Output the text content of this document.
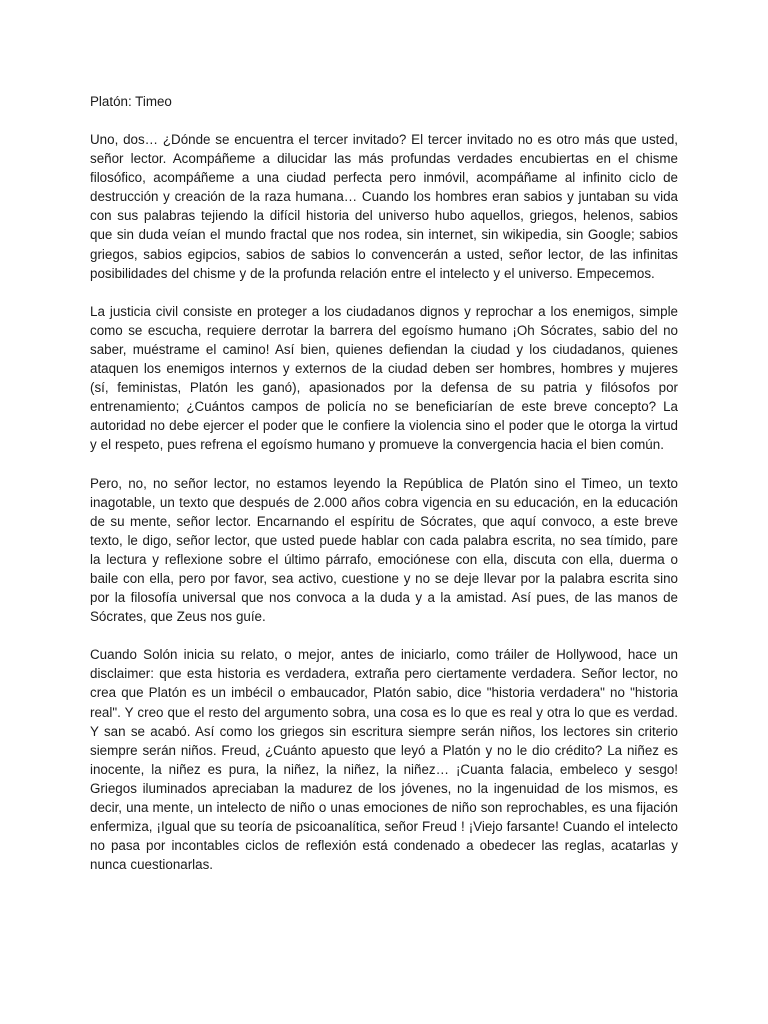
Platón: Timeo

Uno, dos… ¿Dónde se encuentra el tercer invitado? El tercer invitado no es otro más que usted, señor lector. Acompáñeme a dilucidar las más profundas verdades encubiertas en el chisme filosófico, acompáñeme a una ciudad perfecta pero inmóvil, acompáñame al infinito ciclo de destrucción y creación de la raza humana… Cuando los hombres eran sabios y juntaban su vida con sus palabras tejiendo la difícil historia del universo hubo aquellos, griegos, helenos, sabios que sin duda veían el mundo fractal que nos rodea, sin internet, sin wikipedia, sin Google; sabios griegos, sabios egipcios, sabios de sabios lo convencerán a usted, señor lector, de las infinitas posibilidades del chisme y de la profunda relación entre el intelecto y el universo. Empecemos.

La justicia civil consiste en proteger a los ciudadanos dignos y reprochar a los enemigos, simple como se escucha, requiere derrotar la barrera del egoísmo humano ¡Oh Sócrates, sabio del no saber, muéstrame el camino! Así bien, quienes defiendan la ciudad y los ciudadanos, quienes ataquen los enemigos internos y externos de la ciudad deben ser hombres, hombres y mujeres (sí, feministas, Platón les ganó), apasionados por la defensa de su patria y filósofos por entrenamiento; ¿Cuántos campos de policía no se beneficiarían de este breve concepto? La autoridad no debe ejercer el poder que le confiere la violencia sino el poder que le otorga la virtud y el respeto, pues refrena el egoísmo humano y promueve la convergencia hacia el bien común.

Pero, no, no señor lector, no estamos leyendo la República de Platón sino el Timeo, un texto inagotable, un texto que después de 2.000 años cobra vigencia en su educación, en la educación de su mente, señor lector. Encarnando el espíritu de Sócrates, que aquí convoco, a este breve texto, le digo, señor lector, que usted puede hablar con cada palabra escrita, no sea tímido, pare la lectura y reflexione sobre el último párrafo, emociónese con ella, discuta con ella, duerma o baile con ella, pero por favor, sea activo, cuestione y no se deje llevar por la palabra escrita sino por la filosofía universal que nos convoca a la duda y a la amistad. Así pues, de las manos de Sócrates, que Zeus nos guíe.

Cuando Solón inicia su relato, o mejor, antes de iniciarlo, como tráiler de Hollywood, hace un disclaimer: que esta historia es verdadera, extraña pero ciertamente verdadera. Señor lector, no crea que Platón es un imbécil o embaucador, Platón sabio, dice "historia verdadera" no "historia real". Y creo que el resto del argumento sobra, una cosa es lo que es real y otra lo que es verdad. Y san se acabó. Así como los griegos sin escritura siempre serán niños, los lectores sin criterio siempre serán niños. Freud, ¿Cuánto apuesto que leyó a Platón y no le dio crédito? La niñez es inocente, la niñez es pura, la niñez, la niñez, la niñez… ¡Cuanta falacia, embeleco y sesgo! Griegos iluminados apreciaban la madurez de los jóvenes, no la ingenuidad de los mismos, es decir, una mente, un intelecto de niño o unas emociones de niño son reprochables, es una fijación enfermiza, ¡Igual que su teoría de psicoanalítica, señor Freud ! ¡Viejo farsante! Cuando el intelecto no pasa por incontables ciclos de reflexión está condenado a obedecer las reglas, acatarlas y nunca cuestionarlas.
